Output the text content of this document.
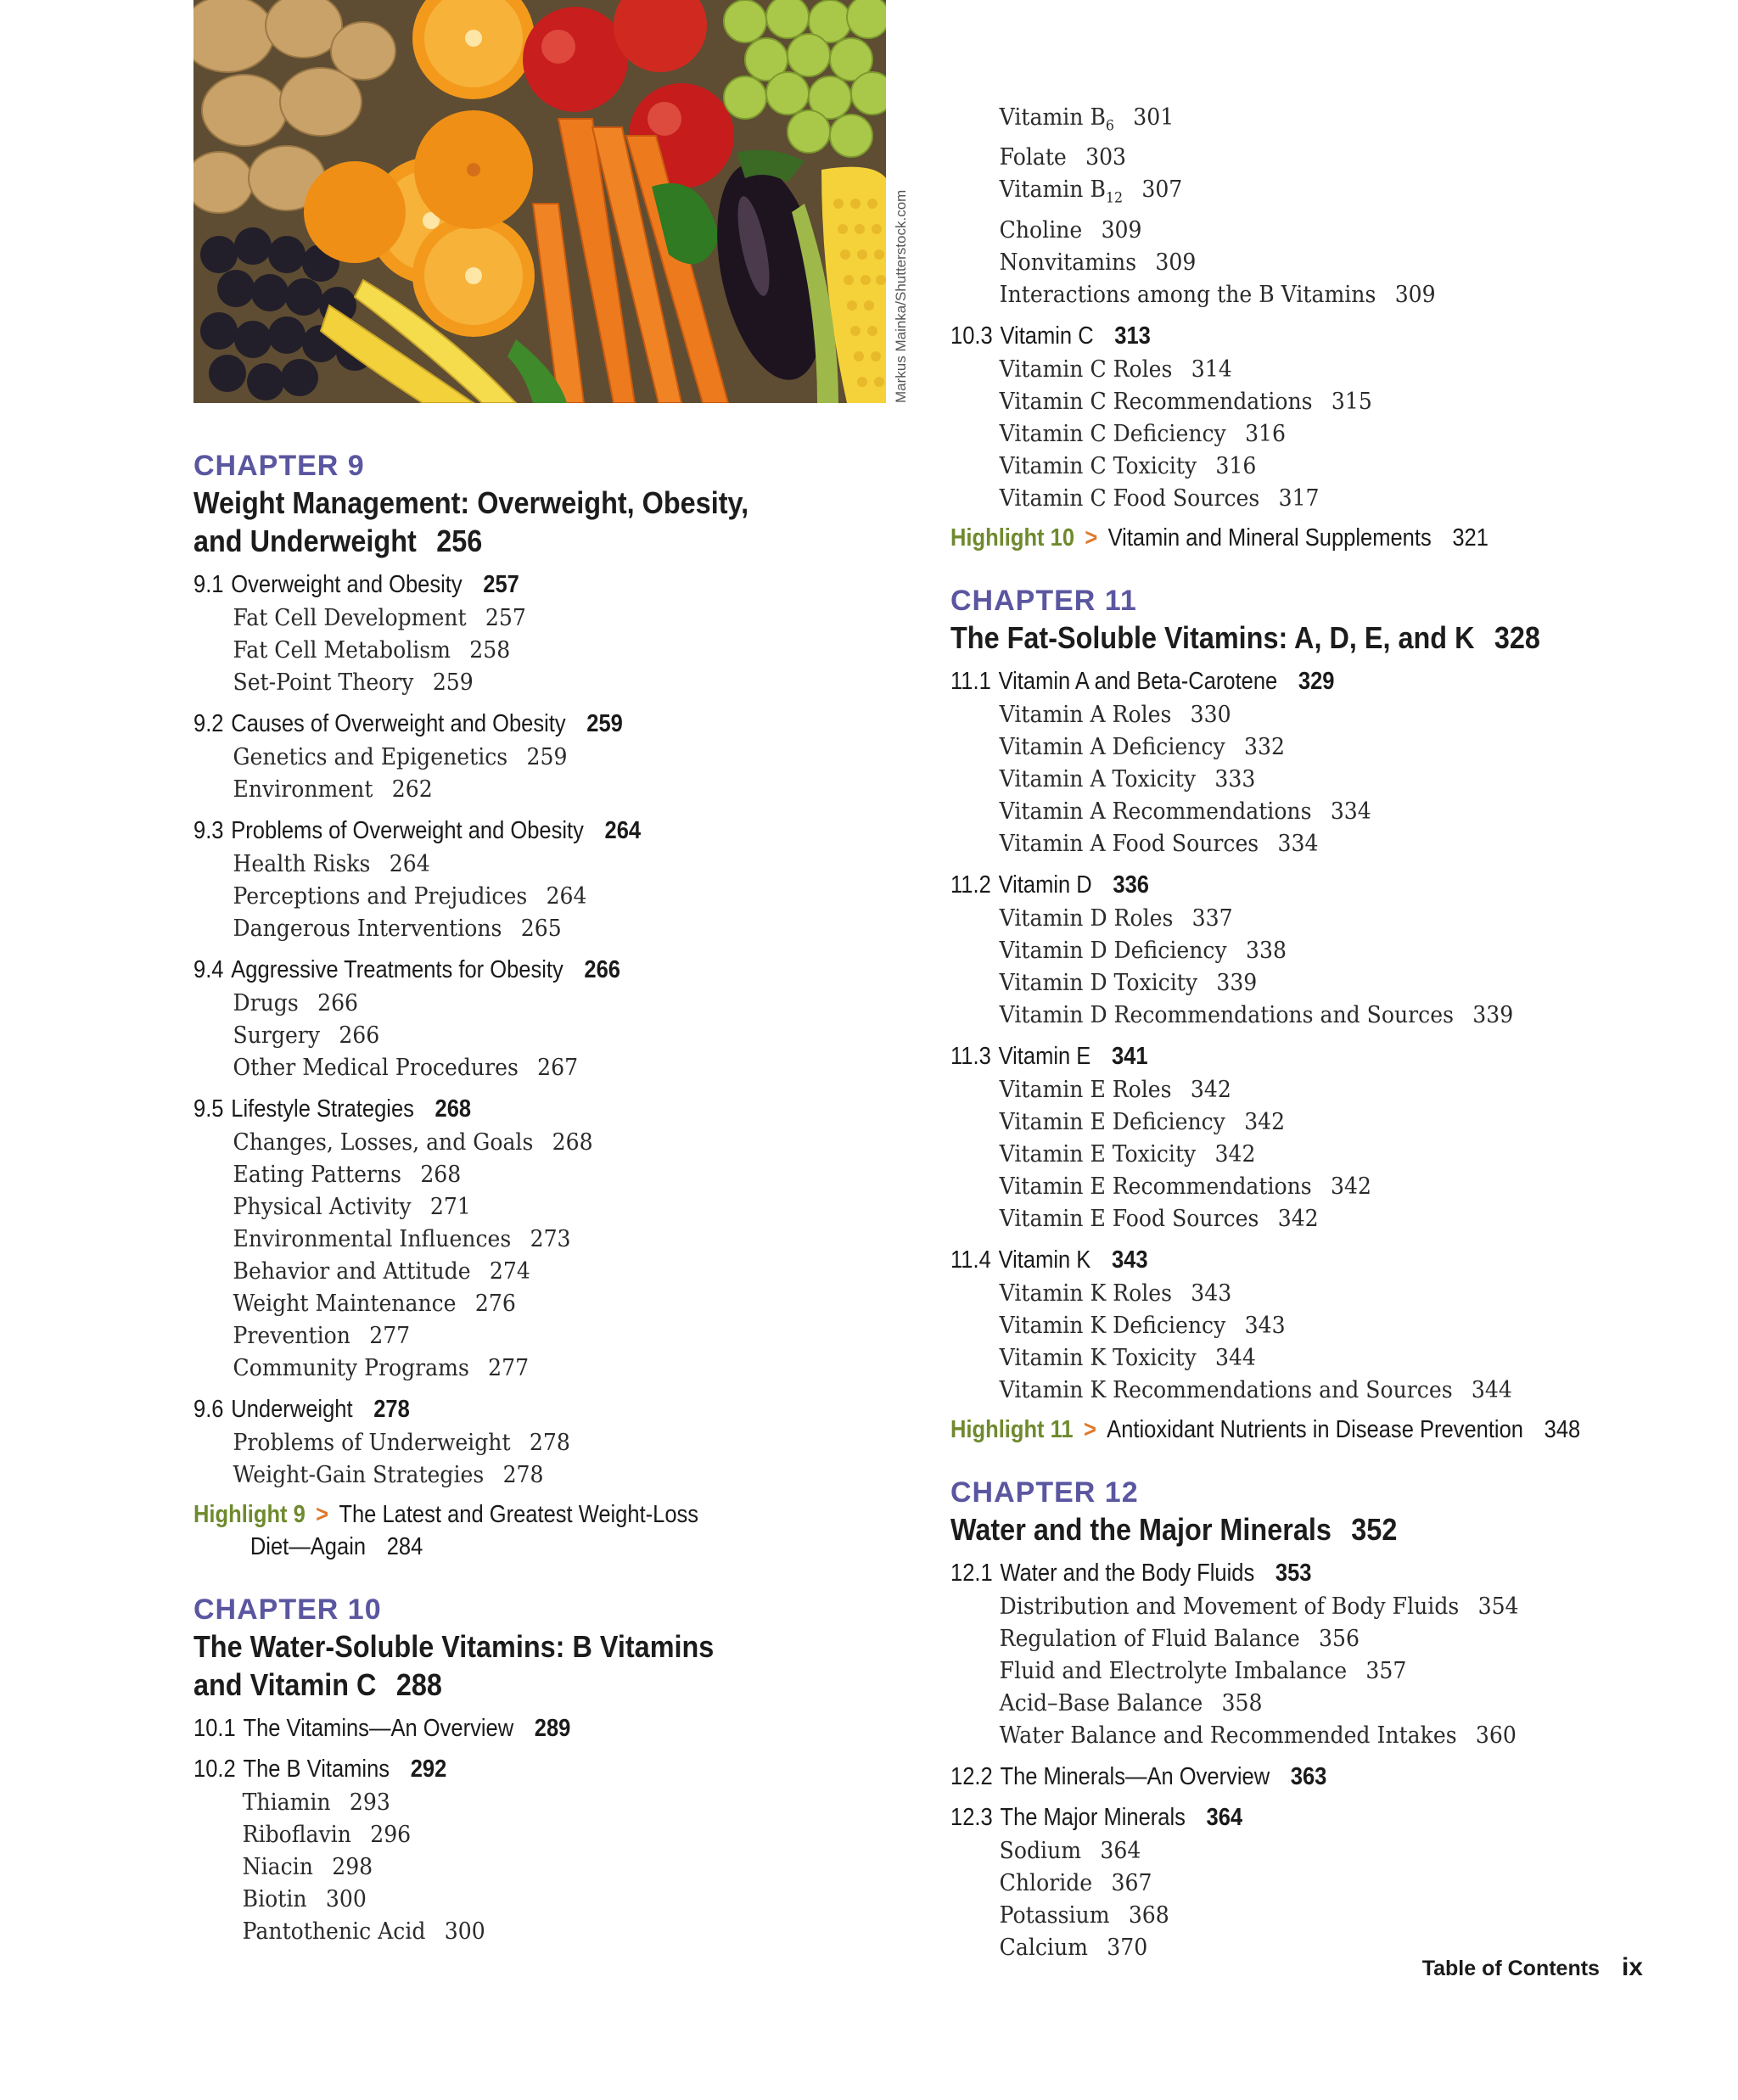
Markus Mainka/Shutterstock.com
CHAPTER 9
Weight Management: Overweight, Obesity,
and Underweight 256
9.1 Overweight and Obesity 257
Fat Cell Development 257
Fat Cell Metabolism 258
Set-Point Theory 259
9.2 Causes of Overweight and Obesity 259
Genetics and Epigenetics 259
Environment 262
9.3 Problems of Overweight and Obesity 264
Health Risks 264
Perceptions and Prejudices 264
Dangerous Interventions 265
9.4 Aggressive Treatments for Obesity 266
Drugs 266
Surgery 266
Other Medical Procedures 267
9.5 Lifestyle Strategies 268
Changes, Losses, and Goals 268
Eating Patterns 268
Physical Activity 271
Environmental Influences 273
Behavior and Attitude 274
Weight Maintenance 276
Prevention 277
Community Programs 277
9.6 Underweight 278
Problems of Underweight 278
Weight-Gain Strategies 278
Highlight 9 > The Latest and Greatest Weight-Loss
Diet—Again 284
CHAPTER 10
The Water-Soluble Vitamins: B Vitamins
and Vitamin C 288
10.1 The Vitamins—An Overview 289
10.2 The B Vitamins 292
Thiamin 293
Riboflavin 296
Niacin 298
Biotin 300
Pantothenic Acid 300
Vitamin $B_6$ 301
Folate 303
Vitamin $B_{12}$ 307
Choline 309
Nonvitamins 309
Interactions among the B Vitamins 309
10.3 Vitamin C 313
Vitamin C Roles 314
Vitamin C Recommendations 315
Vitamin C Deficiency 316
Vitamin C Toxicity 316
Vitamin C Food Sources 317
Highlight 10 > Vitamin and Mineral Supplements 321
CHAPTER 11
The Fat-Soluble Vitamins: A, D, E, and K 328
11.1 Vitamin A and Beta-Carotene 329
Vitamin A Roles 330
Vitamin A Deficiency 332
Vitamin A Toxicity 333
Vitamin A Recommendations 334
Vitamin A Food Sources 334
11.2 Vitamin D 336
Vitamin D Roles 337
Vitamin D Deficiency 338
Vitamin D Toxicity 339
Vitamin D Recommendations and Sources 339
11.3 Vitamin E 341
Vitamin E Roles 342
Vitamin E Deficiency 342
Vitamin E Toxicity 342
Vitamin E Recommendations 342
Vitamin E Food Sources 342
11.4 Vitamin K 343
Vitamin K Roles 343
Vitamin K Deficiency 343
Vitamin K Toxicity 344
Vitamin K Recommendations and Sources 344
Highlight 11 > Antioxidant Nutrients in Disease Prevention 348
CHAPTER 12
Water and the Major Minerals 352
12.1 Water and the Body Fluids 353
Distribution and Movement of Body Fluids 354
Regulation of Fluid Balance 356
Fluid and Electrolyte Imbalance 357
Acid–Base Balance 358
Water Balance and Recommended Intakes 360
12.2 The Minerals—An Overview 363
12.3 The Major Minerals 364
Sodium 364
Chloride 367
Potassium 368
Calcium 370
Table of Contents ix
